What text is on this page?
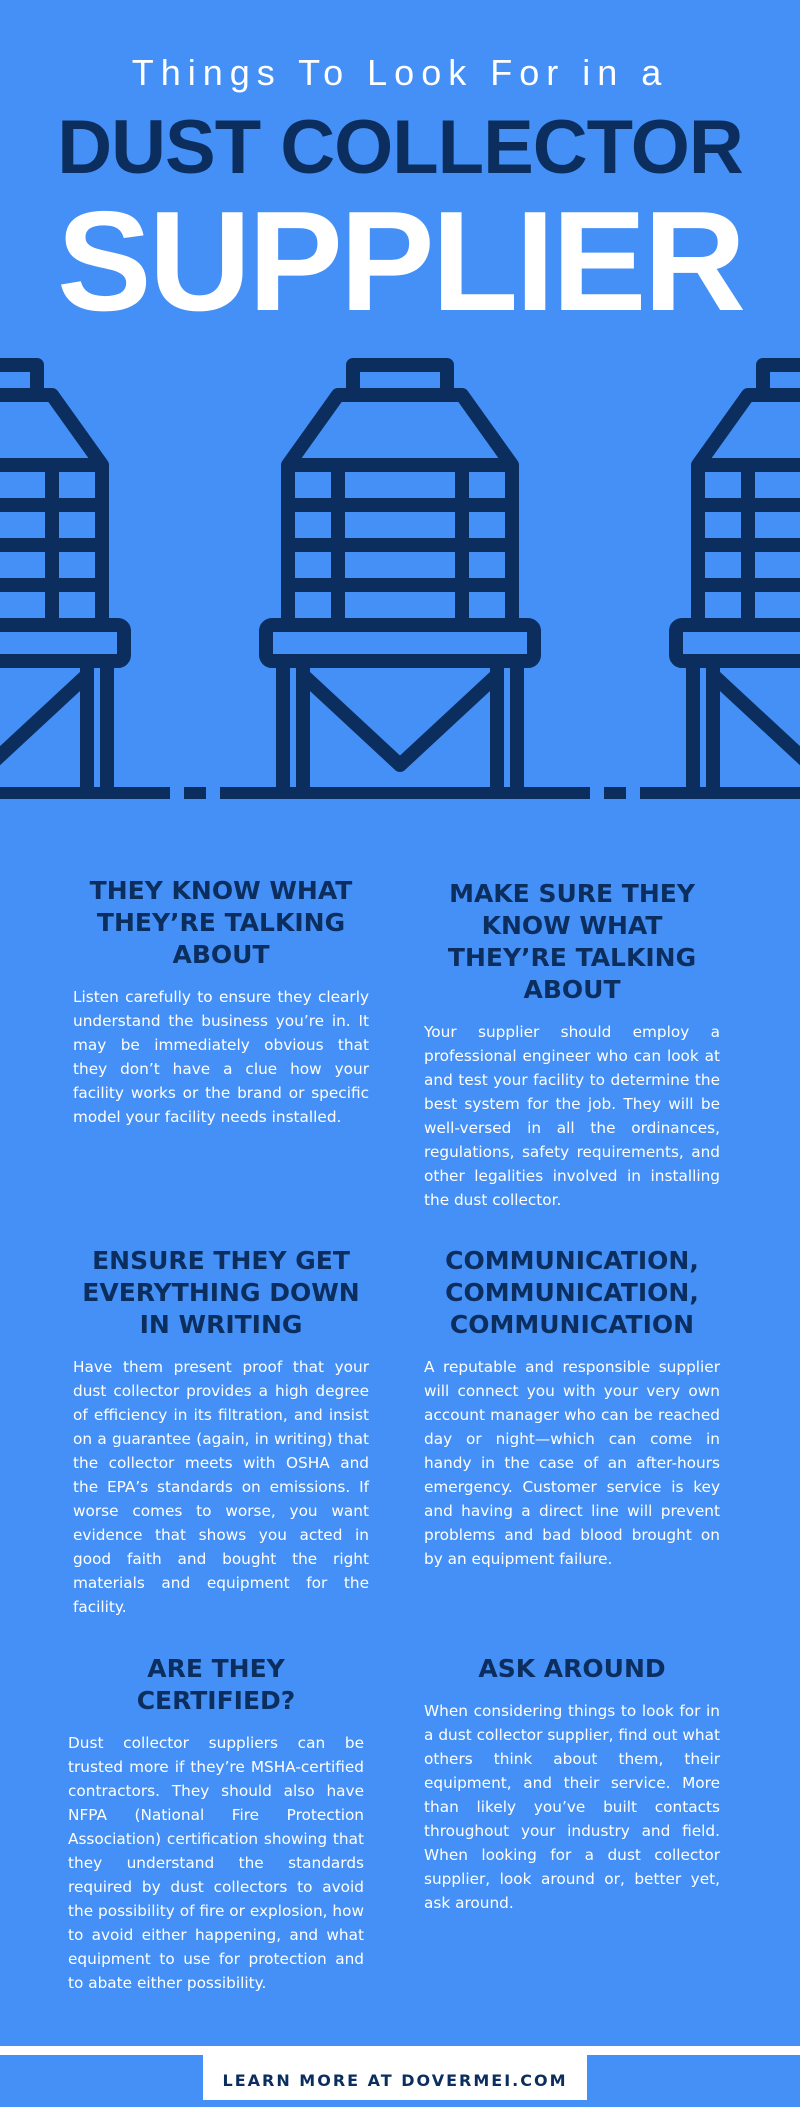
Things To Look For in a
DUST COLLECTOR
SUPPLIER
THEY KNOW WHAT THEY’RE TALKING ABOUT

Listen carefully to ensure they clearly understand the business you’re in. It may be immediately obvious that they don’t have a clue how your facility works or the brand or specific model your facility needs installed.

MAKE SURE THEY KNOW WHAT THEY’RE TALKING ABOUT

Your supplier should employ a professional engineer who can look at and test your facility to determine the best system for the job. They will be well-versed in all the ordinances, regulations, safety requirements, and other legalities involved in installing the dust collector.

ENSURE THEY GET EVERYTHING DOWN IN WRITING

Have them present proof that your dust collector provides a high degree of efficiency in its filtration, and insist on a guarantee (again, in writing) that the collector meets with OSHA and the EPA’s standards on emissions. If worse comes to worse, you want evidence that shows you acted in good faith and bought the right materials and equipment for the facility.

COMMUNICATION, COMMUNICATION, COMMUNICATION

A reputable and responsible supplier will connect you with your very own account manager who can be reached day or night—which can come in handy in the case of an after-hours emergency. Customer service is key and having a direct line will prevent problems and bad blood brought on by an equipment failure.

ARE THEY CERTIFIED?

Dust collector suppliers can be trusted more if they’re MSHA-certified contractors. They should also have NFPA (National Fire Protection Association) certification showing that they understand the standards required by dust collectors to avoid the possibility of fire or explosion, how to avoid either happening, and what equipment to use for protection and to abate either possibility.

ASK AROUND

When considering things to look for in a dust collector supplier, find out what others think about them, their equipment, and their service. More than likely you’ve built contacts throughout your industry and field. When looking for a dust collector supplier, look around or, better yet, ask around.

LEARN MORE AT DOVERMEI.COM
